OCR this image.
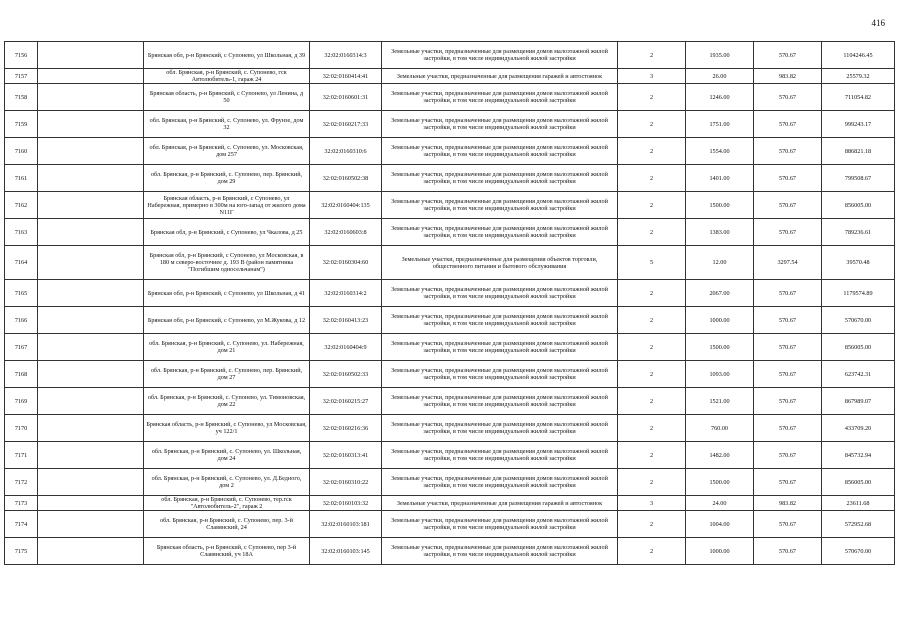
416
7156		Брянская обл, р-н Брянский, с Супонево, ул Школьная, д 39	32:02:0160314:3	Земельные участки, предназначенные для размещения домов малоэтажной жилой застройки, в том числе индивидуальной жилой застройки	2	1935.00	570.67	1104246.45
7157		обл. Брянская, р-н Брянский, с. Супонево, гск Автолюбитель-1, гараж 24	32:02:0160414:41	Земельные участки, предназначенные для размещения гаражей и автостоянок	3	26.00	983.82	25579.32
7158		Брянская область, р-н Брянский, с Супонево, ул Ленина, д 50	32:02:0160601:31	Земельные участки, предназначенные для размещения домов малоэтажной жилой застройки, в том числе индивидуальной жилой застройки	2	1246.00	570.67	711054.82
7159		обл. Брянская, р-н Брянский, с. Супонево, ул. Фрунзе, дом 32	32:02:0160217:33	Земельные участки, предназначенные для размещения домов малоэтажной жилой застройки, в том числе индивидуальной жилой застройки	2	1751.00	570.67	999243.17
7160		обл. Брянская, р-н Брянский, с. Супонево, ул. Московская, дом 257	32:02:0160310:6	Земельные участки, предназначенные для размещения домов малоэтажной жилой застройки, в том числе индивидуальной жилой застройки	2	1554.00	570.67	886821.18
7161		обл. Брянская, р-н Брянский, с. Супонево, пер. Брянский, дом 29	32:02:0160502:38	Земельные участки, предназначенные для размещения домов малоэтажной жилой застройки, в том числе индивидуальной жилой застройки	2	1401.00	570.67	799508.67
7162		Брянская область, р-н Брянский, с Супонево, ул Набережная, примерно в 300м на юго-запад от жилого дома N11Г	32:02:0160404:135	Земельные участки, предназначенные для размещения домов малоэтажной жилой застройки, в том числе индивидуальной жилой застройки	2	1500.00	570.67	856005.00
7163		Брянская обл, р-н Брянский, с Супонево, ул Чкалова, д 25	32:02:0160603:8	Земельные участки, предназначенные для размещения домов малоэтажной жилой застройки, в том числе индивидуальной жилой застройки	2	1383.00	570.67	789236.61
7164		Брянская обл, р-н Брянский, с Супонево, ул Московская, в 180 м северо-восточнее д. 193 В (район памятника "Погибшим односельчанам")	32:02:0160304:60	Земельные участки, предназначенные для размещения объектов торговли, общественного питания и бытового обслуживания	5	12.00	3297.54	39570.48
7165		Брянская обл, р-н Брянский, с Супонево, ул Школьная, д 41	32:02:0160314:2	Земельные участки, предназначенные для размещения домов малоэтажной жилой застройки, в том числе индивидуальной жилой застройки	2	2067.00	570.67	1179574.89
7166		Брянская обл, р-н Брянский, с Супонево, ул М.Жукова, д 12	32:02:0160413:23	Земельные участки, предназначенные для размещения домов малоэтажной жилой застройки, в том числе индивидуальной жилой застройки	2	1000.00	570.67	570670.00
7167		обл. Брянская, р-н Брянский, с. Супонево, ул. Набережная, дом 21	32:02:0160404:9	Земельные участки, предназначенные для размещения домов малоэтажной жилой застройки, в том числе индивидуальной жилой застройки	2	1500.00	570.67	856005.00
7168		обл. Брянская, р-н Брянский, с. Супонево, пер. Брянский, дом 27	32:02:0160502:33	Земельные участки, предназначенные для размещения домов малоэтажной жилой застройки, в том числе индивидуальной жилой застройки	2	1093.00	570.67	623742.31
7169		обл. Брянская, р-н Брянский, с. Супонево, ул. Тимоновская, дом 22	32:02:0160215:27	Земельные участки, предназначенные для размещения домов малоэтажной жилой застройки, в том числе индивидуальной жилой застройки	2	1521.00	570.67	867989.07
7170		Брянская область, р-н Брянский, с Супонево, ул Московская, уч 122/1	32:02:0160216:36	Земельные участки, предназначенные для размещения домов малоэтажной жилой застройки, в том числе индивидуальной жилой застройки	2	760.00	570.67	433709.20
7171		обл. Брянская, р-н Брянский, с. Супонево, ул. Школьная, дом 24	32:02:0160313:41	Земельные участки, предназначенные для размещения домов малоэтажной жилой застройки, в том числе индивидуальной жилой застройки	2	1482.00	570.67	845732.94
7172		обл. Брянская, р-н Брянский, с. Супонево, ул. Д.Бедного, дом 2	32:02:0160310:22	Земельные участки, предназначенные для размещения домов малоэтажной жилой застройки, в том числе индивидуальной жилой застройки	2	1500.00	570.67	856005.00
7173		обл. Брянская, р-н Брянский, с. Супонево, тер.гск "Автолюбитель-2", гараж 2	32:02:0160103:32	Земельные участки, предназначенные для размещения гаражей и автостоянок	3	24.00	983.82	23611.68
7174		обл. Брянская, р-н Брянский, с. Супонево, пер. 3-й Славянский, 24	32:02:0160103:181	Земельные участки, предназначенные для размещения домов малоэтажной жилой застройки, в том числе индивидуальной жилой застройки	2	1004.00	570.67	572952.68
7175		Брянская область, р-н Брянский, с Супонево, пер 3-й Славянский, уч 18А	32:02:0160103:145	Земельные участки, предназначенные для размещения домов малоэтажной жилой застройки, в том числе индивидуальной жилой застройки	2	1000.00	570.67	570670.00
